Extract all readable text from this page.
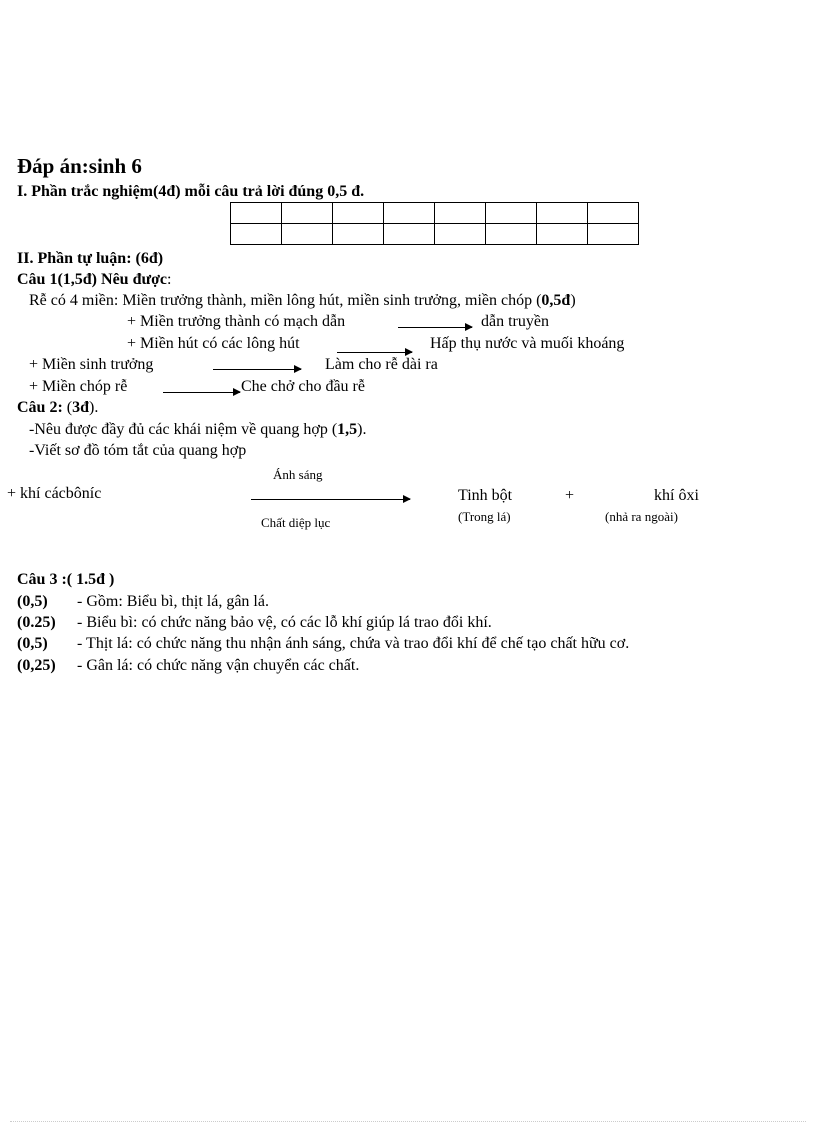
Đáp án:sinh 6
I. Phần trắc nghiệm(4đ) mỗi câu trả lời đúng 0,5 đ.

II. Phần tự luận: (6đ)
Câu 1(1,5đ) Nêu được:
Rễ có 4 miền: Miền trưởng thành, miền lông hút, miền sinh trưởng, miền chóp (0,5đ)
+ Miền trưởng thành có mạch dẫn	dẫn truyền
+ Miền hút có các lông hút	Hấp thụ nước và muối khoáng
+ Miền sinh trưởng	Làm cho rễ dài ra
+ Miền chóp rễ	Che chở cho đầu rễ
Câu 2: (3đ).
-Nêu được đầy đủ các khái niệm về quang hợp (1,5).
-Viết sơ đồ tóm tắt của quang hợp
Ánh sáng
+ khí cácbôníc	Tinh bột	+	khí ôxi
Chất diệp lục	(Trong lá)	(nhả ra ngoài)
Câu 3 :( 1.5đ )
(0,5) - Gồm: Biểu bì, thịt lá, gân lá.
(0.25) - Biểu bì: có chức năng bảo vệ, có các lỗ khí giúp lá trao đổi khí.
(0,5) - Thịt lá: có chức năng thu nhận ánh sáng, chứa và trao đổi khí để chế tạo chất hữu cơ.
(0,25) - Gân lá: có chức năng vận chuyển các chất.
